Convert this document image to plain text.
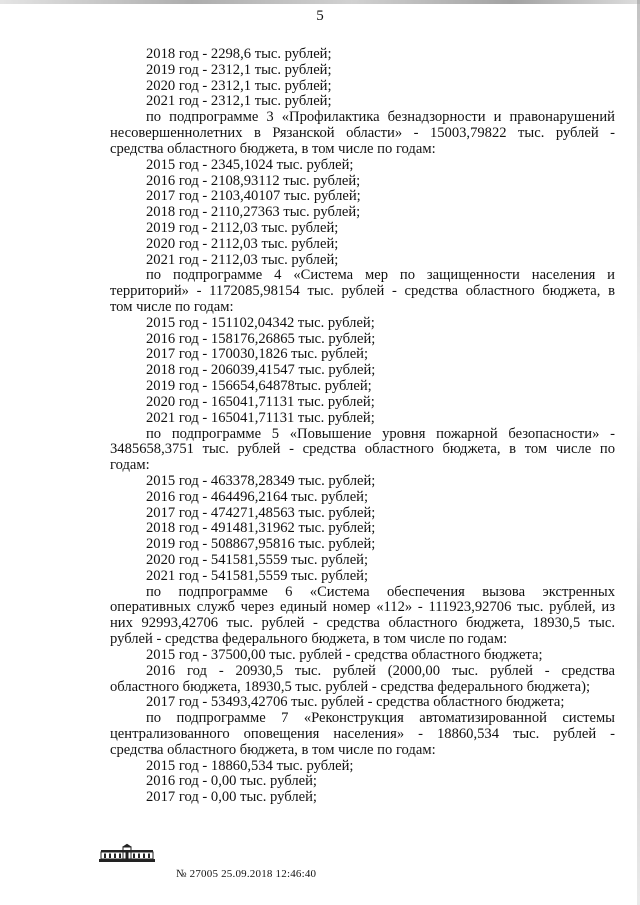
5
2018 год - 2298,6 тыс. рублей;
2019 год - 2312,1 тыс. рублей;
2020 год - 2312,1 тыс. рублей;
2021 год - 2312,1 тыс. рублей;
по подпрограмме 3 «Профилактика безнадзорности и правонарушений
несовершеннолетних в Рязанской области» - 15003,79822 тыс. рублей -
средства областного бюджета, в том числе по годам:
2015 год - 2345,1024 тыс. рублей;
2016 год - 2108,93112 тыс. рублей;
2017 год - 2103,40107 тыс. рублей;
2018 год - 2110,27363 тыс. рублей;
2019 год - 2112,03 тыс. рублей;
2020 год - 2112,03 тыс. рублей;
2021 год - 2112,03 тыс. рублей;
по подпрограмме 4 «Система мер по защищенности населения и
территорий» - 1172085,98154 тыс. рублей - средства областного бюджета, в
том числе по годам:
2015 год - 151102,04342 тыс. рублей;
2016 год - 158176,26865 тыс. рублей;
2017 год - 170030,1826 тыс. рублей;
2018 год - 206039,41547 тыс. рублей;
2019 год - 156654,64878тыс. рублей;
2020 год - 165041,71131 тыс. рублей;
2021 год - 165041,71131 тыс. рублей;
по подпрограмме 5 «Повышение уровня пожарной безопасности» -
3485658,3751 тыс. рублей - средства областного бюджета, в том числе по
годам:
2015 год - 463378,28349 тыс. рублей;
2016 год - 464496,2164 тыс. рублей;
2017 год - 474271,48563 тыс. рублей;
2018 год - 491481,31962 тыс. рублей;
2019 год - 508867,95816 тыс. рублей;
2020 год - 541581,5559 тыс. рублей;
2021 год - 541581,5559 тыс. рублей;
по подпрограмме 6 «Система обеспечения вызова экстренных
оперативных служб через единый номер «112» - 111923,92706 тыс. рублей, из
них 92993,42706 тыс. рублей - средства областного бюджета, 18930,5 тыс.
рублей - средства федерального бюджета, в том числе по годам:
2015 год - 37500,00 тыс. рублей - средства областного бюджета;
2016 год - 20930,5 тыс. рублей (2000,00 тыс. рублей - средства
областного бюджета, 18930,5 тыс. рублей - средства федерального бюджета);
2017 год - 53493,42706 тыс. рублей - средства областного бюджета;
по подпрограмме 7 «Реконструкция автоматизированной системы
централизованного оповещения населения» - 18860,534 тыс. рублей -
средства областного бюджета, в том числе по годам:
2015 год - 18860,534 тыс. рублей;
2016 год - 0,00 тыс. рублей;
2017 год - 0,00 тыс. рублей;
№ 27005 25.09.2018 12:46:40
